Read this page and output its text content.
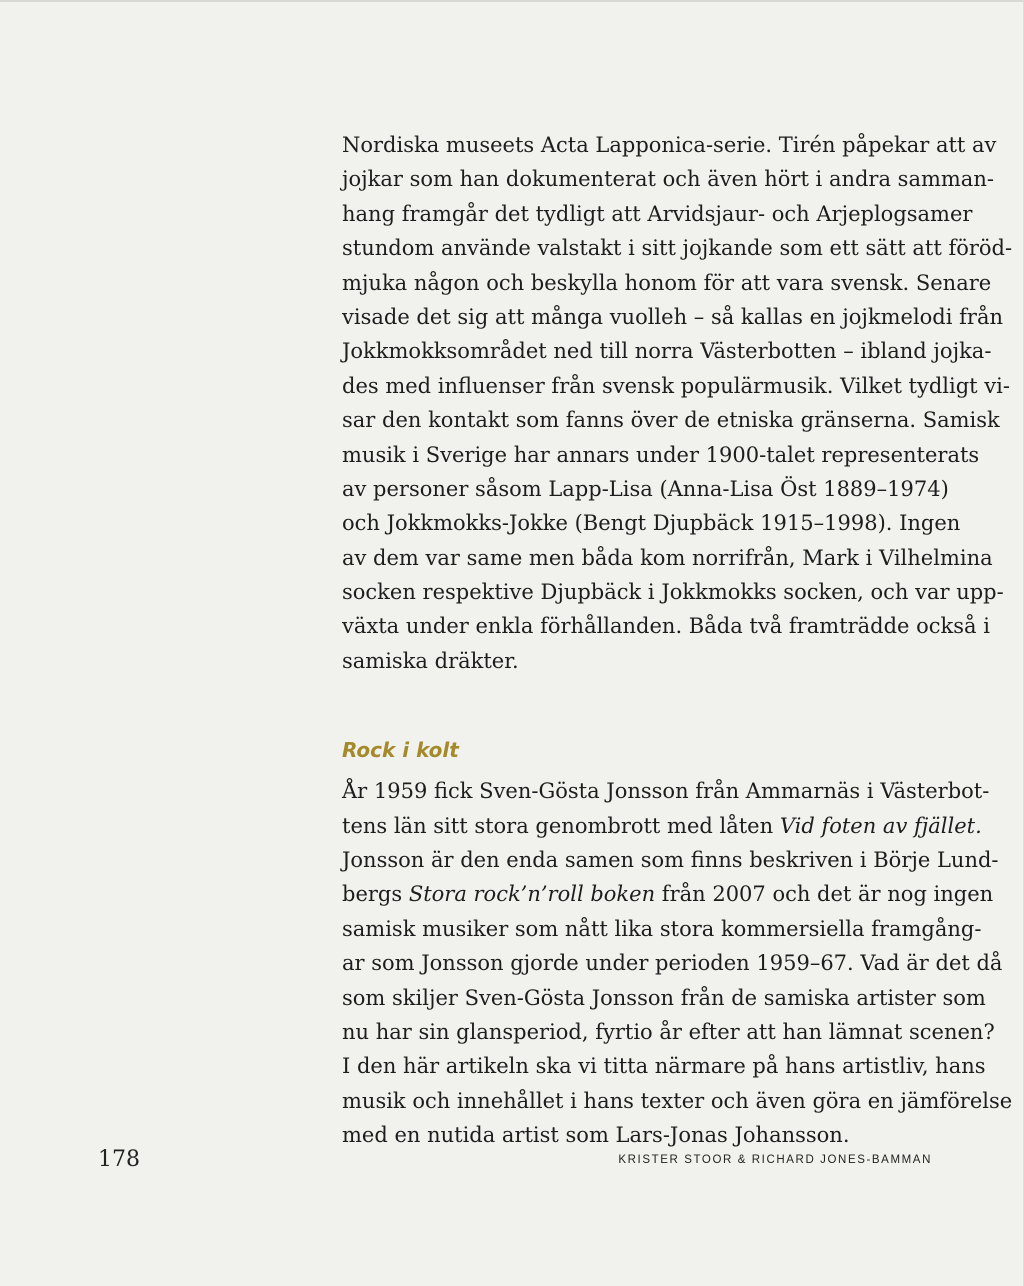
Nordiska museets Acta Lapponica-serie. Tirén påpekar att av
jojkar som han dokumenterat och även hört i andra samman-
hang framgår det tydligt att Arvidsjaur- och Arjeplogsamer
stundom använde valstakt i sitt jojkande som ett sätt att föröd-
mjuka någon och beskylla honom för att vara svensk. Senare
visade det sig att många vuolleh – så kallas en jojkmelodi från
Jokkmokksområdet ned till norra Västerbotten – ibland jojka-
des med influenser från svensk populärmusik. Vilket tydligt vi-
sar den kontakt som fanns över de etniska gränserna. Samisk
musik i Sverige har annars under 1900-talet representerats
av personer såsom Lapp-Lisa (Anna-Lisa Öst 1889–1974)
och Jokkmokks-Jokke (Bengt Djupbäck 1915–1998). Ingen
av dem var same men båda kom norrifrån, Mark i Vilhelmina
socken respektive Djupbäck i Jokkmokks socken, och var upp-
växta under enkla förhållanden. Båda två framträdde också i
samiska dräkter.

Rock i kolt

År 1959 fick Sven-Gösta Jonsson från Ammarnäs i Västerbot-
tens län sitt stora genombrott med låten Vid foten av fjället.
Jonsson är den enda samen som finns beskriven i Börje Lund-
bergs Stora rock’n’roll boken från 2007 och det är nog ingen
samisk musiker som nått lika stora kommersiella framgång-
ar som Jonsson gjorde under perioden 1959–67. Vad är det då
som skiljer Sven-Gösta Jonsson från de samiska artister som
nu har sin glansperiod, fyrtio år efter att han lämnat scenen?
I den här artikeln ska vi titta närmare på hans artistliv, hans
musik och innehållet i hans texter och även göra en jämförelse
med en nutida artist som Lars-Jonas Johansson.

178	KRISTER STOOR & RICHARD JONES-BAMMAN
